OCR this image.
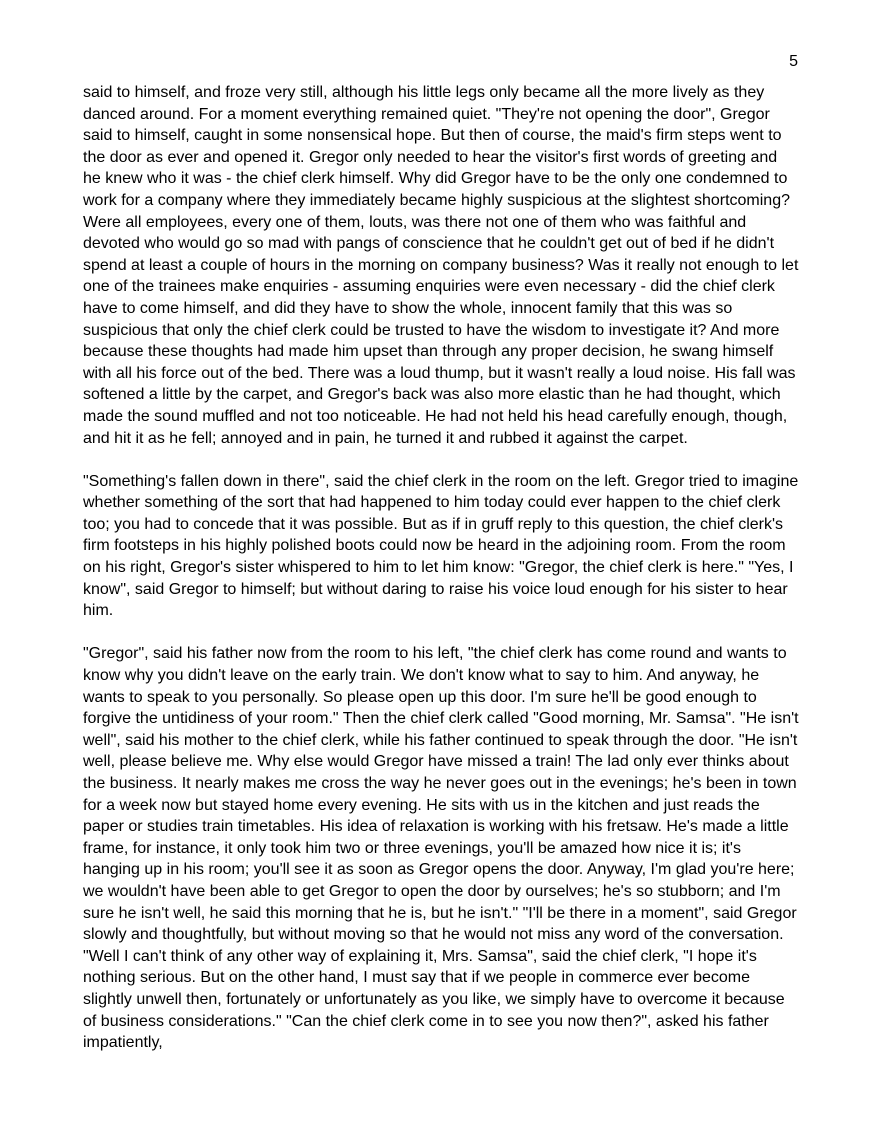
5

said to himself, and froze very still, although his little legs only became all the more lively as they danced around. For a moment everything remained quiet. "They're not opening the door", Gregor said to himself, caught in some nonsensical hope. But then of course, the maid's firm steps went to the door as ever and opened it. Gregor only needed to hear the visitor's first words of greeting and he knew who it was - the chief clerk himself. Why did Gregor have to be the only one condemned to work for a company where they immediately became highly suspicious at the slightest shortcoming? Were all employees, every one of them, louts, was there not one of them who was faithful and devoted who would go so mad with pangs of conscience that he couldn't get out of bed if he didn't spend at least a couple of hours in the morning on company business? Was it really not enough to let one of the trainees make enquiries - assuming enquiries were even necessary - did the chief clerk have to come himself, and did they have to show the whole, innocent family that this was so suspicious that only the chief clerk could be trusted to have the wisdom to investigate it? And more because these thoughts had made him upset than through any proper decision, he swang himself with all his force out of the bed. There was a loud thump, but it wasn't really a loud noise. His fall was softened a little by the carpet, and Gregor's back was also more elastic than he had thought, which made the sound muffled and not too noticeable. He had not held his head carefully enough, though, and hit it as he fell; annoyed and in pain, he turned it and rubbed it against the carpet.

"Something's fallen down in there", said the chief clerk in the room on the left. Gregor tried to imagine whether something of the sort that had happened to him today could ever happen to the chief clerk too; you had to concede that it was possible. But as if in gruff reply to this question, the chief clerk's firm footsteps in his highly polished boots could now be heard in the adjoining room. From the room on his right, Gregor's sister whispered to him to let him know: "Gregor, the chief clerk is here." "Yes, I know", said Gregor to himself; but without daring to raise his voice loud enough for his sister to hear him.

"Gregor", said his father now from the room to his left, "the chief clerk has come round and wants to know why you didn't leave on the early train. We don't know what to say to him. And anyway, he wants to speak to you personally. So please open up this door. I'm sure he'll be good enough to forgive the untidiness of your room." Then the chief clerk called "Good morning, Mr. Samsa". "He isn't well", said his mother to the chief clerk, while his father continued to speak through the door. "He isn't well, please believe me. Why else would Gregor have missed a train! The lad only ever thinks about the business. It nearly makes me cross the way he never goes out in the evenings; he's been in town for a week now but stayed home every evening. He sits with us in the kitchen and just reads the paper or studies train timetables. His idea of relaxation is working with his fretsaw. He's made a little frame, for instance, it only took him two or three evenings, you'll be amazed how nice it is; it's hanging up in his room; you'll see it as soon as Gregor opens the door. Anyway, I'm glad you're here; we wouldn't have been able to get Gregor to open the door by ourselves; he's so stubborn; and I'm sure he isn't well, he said this morning that he is, but he isn't." "I'll be there in a moment", said Gregor slowly and thoughtfully, but without moving so that he would not miss any word of the conversation. "Well I can't think of any other way of explaining it, Mrs. Samsa", said the chief clerk, "I hope it's nothing serious. But on the other hand, I must say that if we people in commerce ever become slightly unwell then, fortunately or unfortunately as you like, we simply have to overcome it because of business considerations." "Can the chief clerk come in to see you now then?", asked his father impatiently,
